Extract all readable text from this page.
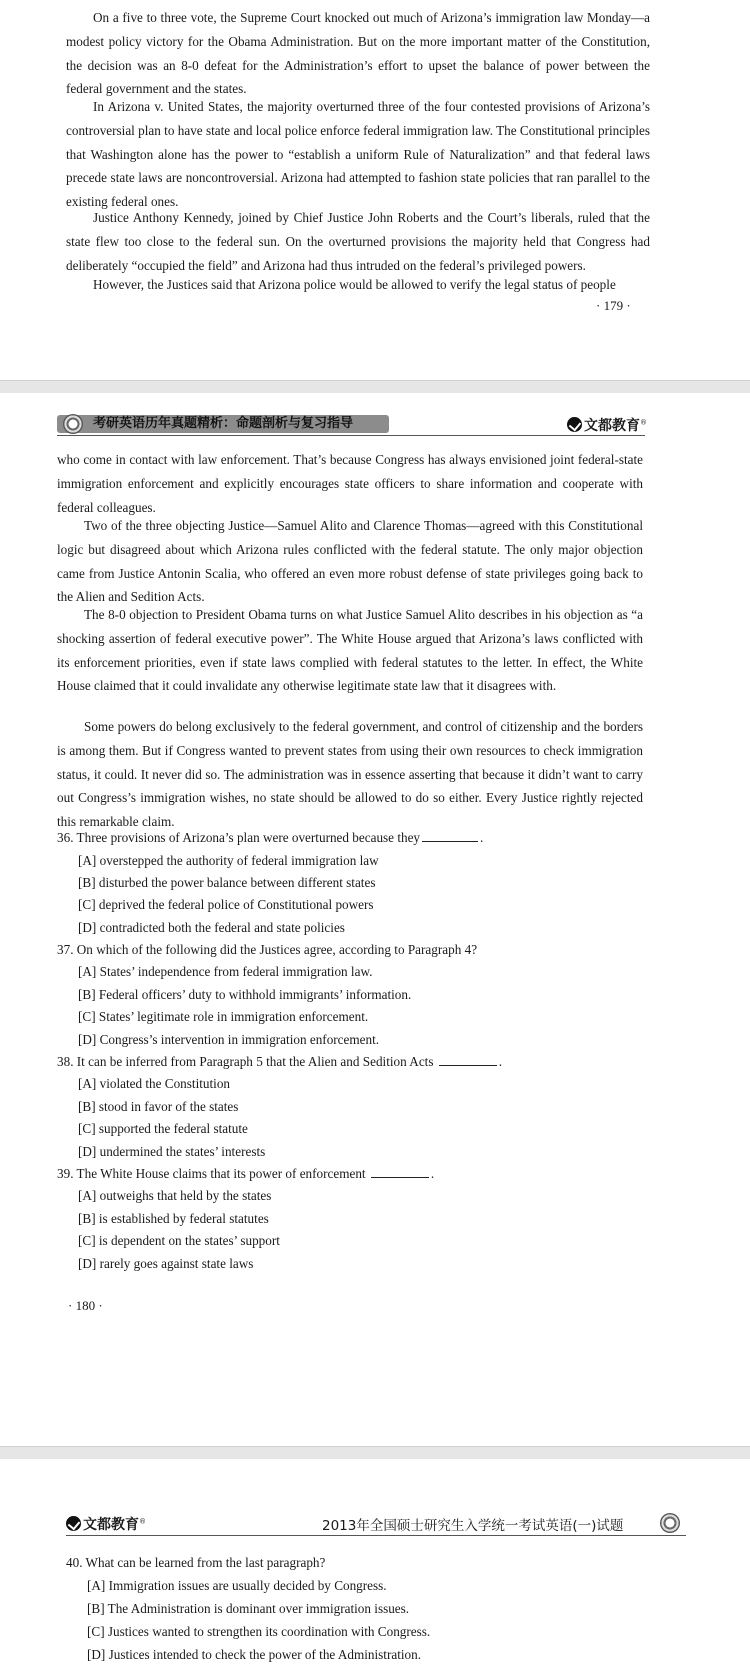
On a five to three vote, the Supreme Court knocked out much of Arizona’s immigration law Monday—a modest policy victory for the Obama Administration. But on the more important matter of the Constitution, the decision was an 8-0 defeat for the Administration’s effort to upset the balance of power between the federal government and the states.

In Arizona v. United States, the majority overturned three of the four contested provisions of Arizona’s controversial plan to have state and local police enforce federal immigration law. The Constitutional principles that Washington alone has the power to “establish a uniform Rule of Naturalization” and that federal laws precede state laws are noncontroversial. Arizona had attempted to fashion state policies that ran parallel to the existing federal ones.

Justice Anthony Kennedy, joined by Chief Justice John Roberts and the Court’s liberals, ruled that the state flew too close to the federal sun. On the overturned provisions the majority held that Congress had deliberately “occupied the field” and Arizona had thus intruded on the federal’s privileged powers.

However, the Justices said that Arizona police would be allowed to verify the legal status of people

· 179 ·
考研英语历年真题精析：命题剖析与复习指导	文都教育®

who come in contact with law enforcement. That’s because Congress has always envisioned joint federal-state immigration enforcement and explicitly encourages state officers to share information and cooperate with federal colleagues.

Two of the three objecting Justice—Samuel Alito and Clarence Thomas—agreed with this Constitutional logic but disagreed about which Arizona rules conflicted with the federal statute. The only major objection came from Justice Antonin Scalia, who offered an even more robust defense of state privileges going back to the Alien and Sedition Acts.

The 8-0 objection to President Obama turns on what Justice Samuel Alito describes in his objection as “a shocking assertion of federal executive power”. The White House argued that Arizona’s laws conflicted with its enforcement priorities, even if state laws complied with federal statutes to the letter. In effect, the White House claimed that it could invalidate any otherwise legitimate state law that it disagrees with.

Some powers do belong exclusively to the federal government, and control of citizenship and the borders is among them. But if Congress wanted to prevent states from using their own resources to check immigration status, it could. It never did so. The administration was in essence asserting that because it didn’t want to carry out Congress’s immigration wishes, no state should be allowed to do so either. Every Justice rightly rejected this remarkable claim.

36. Three provisions of Arizona’s plan were overturned because they	.
[A] overstepped the authority of federal immigration law
[B] disturbed the power balance between different states
[C] deprived the federal police of Constitutional powers
[D] contradicted both the federal and state policies
37. On which of the following did the Justices agree, according to Paragraph 4?
[A] States’ independence from federal immigration law.
[B] Federal officers’ duty to withhold immigrants’ information.
[C] States’ legitimate role in immigration enforcement.
[D] Congress’s intervention in immigration enforcement.
38. It can be inferred from Paragraph 5 that the Alien and Sedition Acts	.
[A] violated the Constitution
[B] stood in favor of the states
[C] supported the federal statute
[D] undermined the states’ interests
39. The White House claims that its power of enforcement	.
[A] outweighs that held by the states
[B] is established by federal statutes
[C] is dependent on the states’ support
[D] rarely goes against state laws
· 180 ·
文都教育®	2013年全国硕士研究生入学统一考试英语(一)试题
40. What can be learned from the last paragraph?
[A] Immigration issues are usually decided by Congress.
[B] The Administration is dominant over immigration issues.
[C] Justices wanted to strengthen its coordination with Congress.
[D] Justices intended to check the power of the Administration.
